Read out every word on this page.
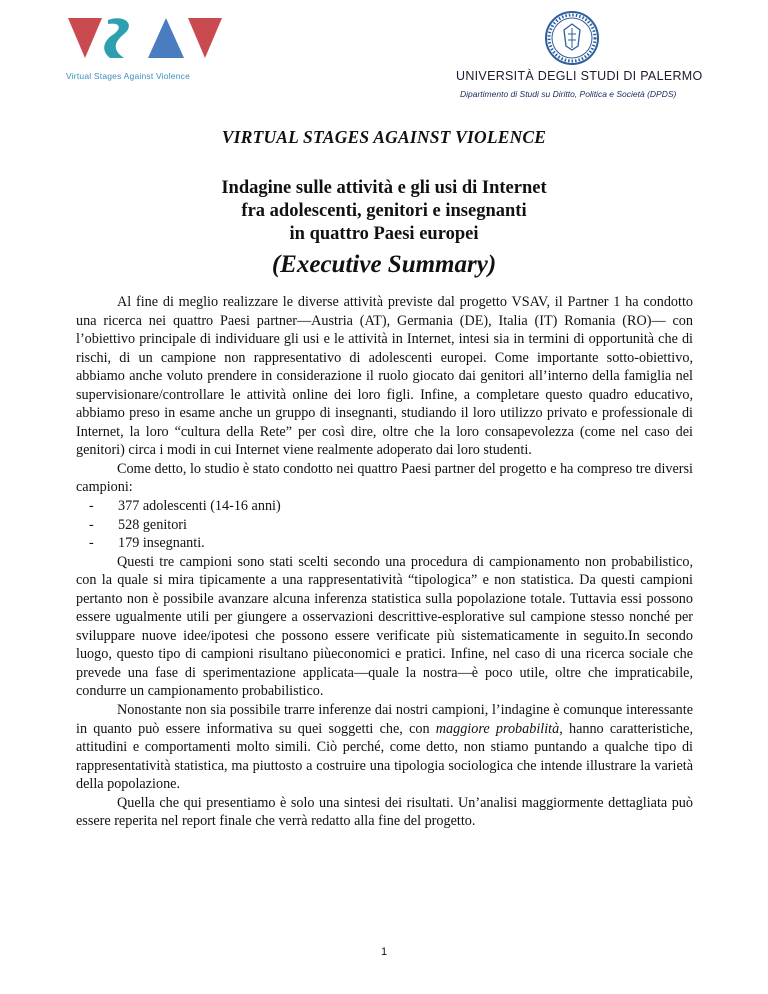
Virtual Stages Against Violence	UNIVERSITÀ DEGLI STUDI DI PALERMO
Dipartimento di Studi su Diritto, Politica e Società (DPDS)
VIRTUAL STAGES AGAINST VIOLENCE
Indagine sulle attività e gli usi di Internet
fra adolescenti, genitori e insegnanti
in quattro Paesi europei
(Executive Summary)

Al fine di meglio realizzare le diverse attività previste dal progetto VSAV, il Partner 1 ha condotto una ricerca nei quattro Paesi partner—Austria (AT), Germania (DE), Italia (IT) Romania (RO)— con l’obiettivo principale di individuare gli usi e le attività in Internet, intesi sia in termini di opportunità che di rischi, di un campione non rappresentativo di adolescenti europei. Come importante sotto-obiettivo, abbiamo anche voluto prendere in considerazione il ruolo giocato dai genitori all’interno della famiglia nel supervisionare/controllare le attività online dei loro figli. Infine, a completare questo quadro educativo, abbiamo preso in esame anche un gruppo di insegnanti, studiando il loro utilizzo privato e professionale di Internet, la loro “cultura della Rete” per così dire, oltre che la loro consapevolezza (come nel caso dei genitori) circa i modi in cui Internet viene realmente adoperato dai loro studenti.

Come detto, lo studio è stato condotto nei quattro Paesi partner del progetto e ha compreso tre diversi campioni:

- 377 adolescenti (14-16 anni)
- 528 genitori
- 179 insegnanti.

Questi tre campioni sono stati scelti secondo una procedura di campionamento non probabilistico, con la quale si mira tipicamente a una rappresentatività “tipologica” e non statistica. Da questi campioni pertanto non è possibile avanzare alcuna inferenza statistica sulla popolazione totale. Tuttavia essi possono essere ugualmente utili per giungere a osservazioni descrittive-esplorative sul campione stesso nonché per sviluppare nuove idee/ipotesi che possono essere verificate più sistematicamente in seguito.In secondo luogo, questo tipo di campioni risultano piùeconomici e pratici. Infine, nel caso di una ricerca sociale che prevede una fase di sperimentazione applicata—quale la nostra—è poco utile, oltre che impraticabile, condurre un campionamento probabilistico.

Nonostante non sia possibile trarre inferenze dai nostri campioni, l’indagine è comunque interessante in quanto può essere informativa su quei soggetti che, con maggiore probabilità, hanno caratteristiche, attitudini e comportamenti molto simili. Ciò perché, come detto, non stiamo puntando a qualche tipo di rappresentatività statistica, ma piuttosto a costruire una tipologia sociologica che intende illustrare la varietà della popolazione.

Quella che qui presentiamo è solo una sintesi dei risultati. Un’analisi maggiormente dettagliata può essere reperita nel report finale che verrà redatto alla fine del progetto.

1
